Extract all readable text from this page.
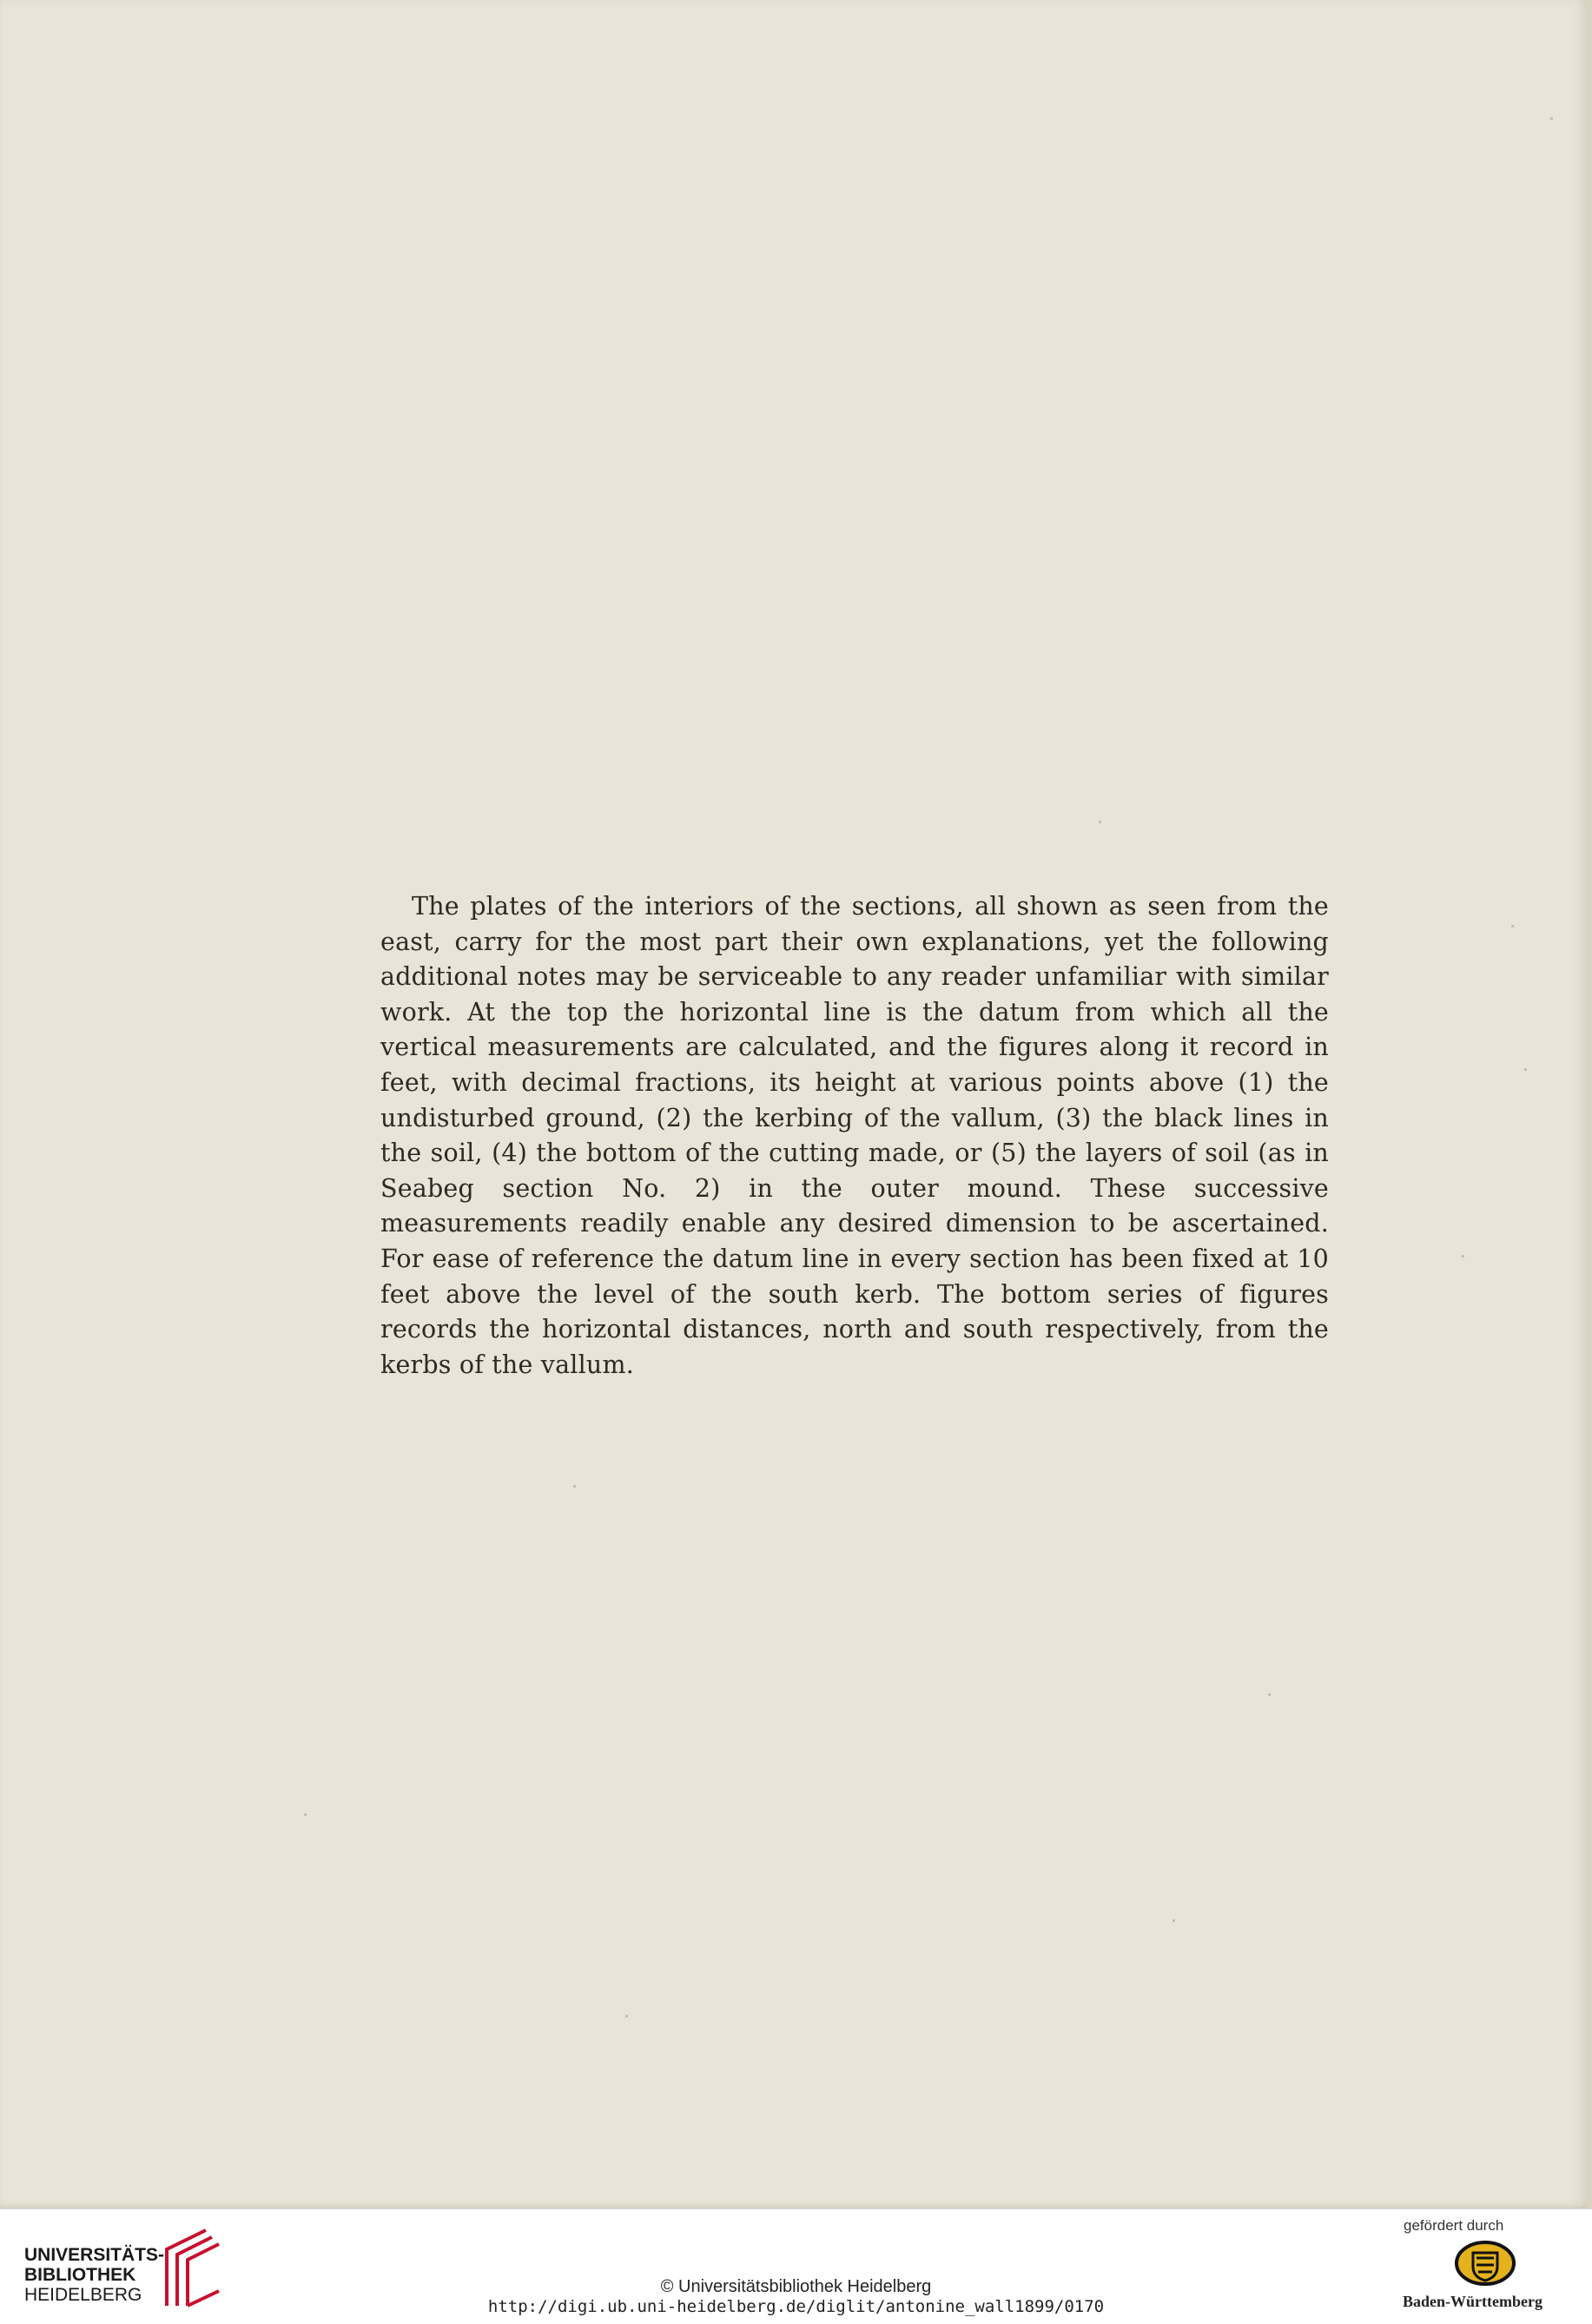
The plates of the interiors of the sections, all shown as seen from the east, carry for the most part their own explanations, yet the following additional notes may be serviceable to any reader unfamiliar with similar work. At the top the horizontal line is the datum from which all the vertical measurements are calculated, and the figures along it record in feet, with decimal fractions, its height at various points above (1) the undisturbed ground, (2) the kerbing of the vallum, (3) the black lines in the soil, (4) the bottom of the cutting made, or (5) the layers of soil (as in Seabeg section No. 2) in the outer mound. These successive measurements readily enable any desired dimension to be ascertained. For ease of reference the datum line in every section has been fixed at 10 feet above the level of the south kerb. The bottom series of figures records the horizontal distances, north and south respectively, from the kerbs of the vallum.

UNIVERSITÄTS-
BIBLIOTHEK
HEIDELBERG	© Universitätsbibliothek Heidelberg
http://digi.ub.uni-heidelberg.de/diglit/antonine_wall1899/0170
gefördert durch
Baden-Württemberg
